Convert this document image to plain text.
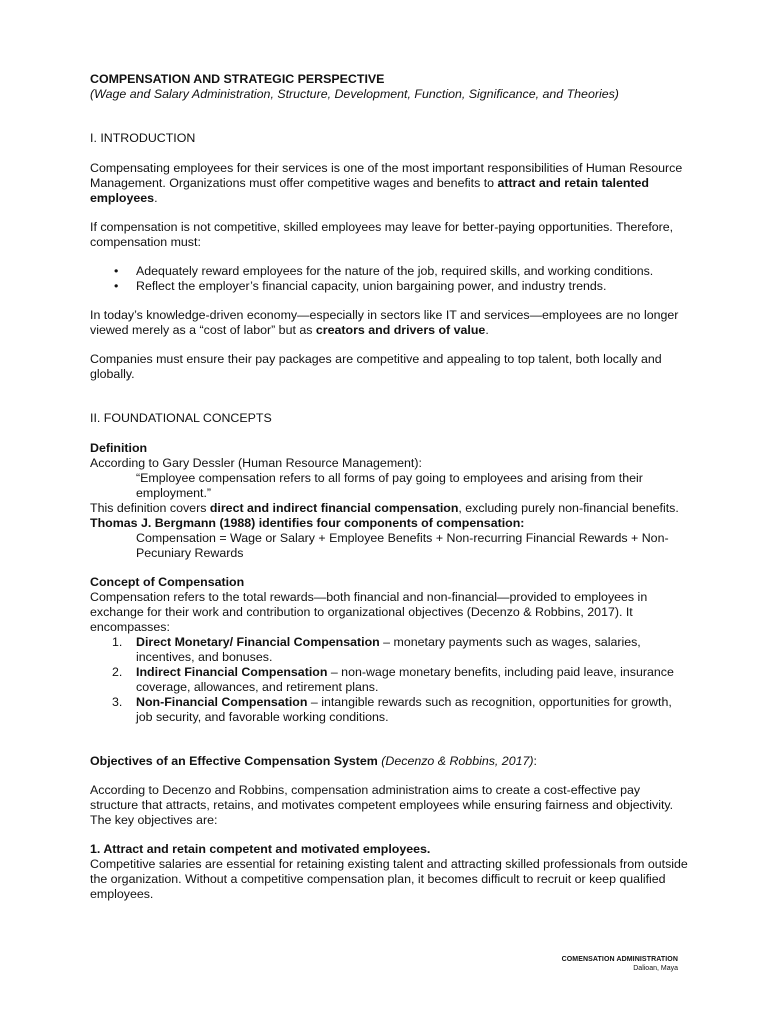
COMPENSATION AND STRATEGIC PERSPECTIVE

(Wage and Salary Administration, Structure, Development, Function, Significance, and Theories)

I. INTRODUCTION

Compensating employees for their services is one of the most important responsibilities of Human Resource Management. Organizations must offer competitive wages and benefits to attract and retain talented employees.

If compensation is not competitive, skilled employees may leave for better-paying opportunities. Therefore, compensation must:

• Adequately reward employees for the nature of the job, required skills, and working conditions.
• Reflect the employer’s financial capacity, union bargaining power, and industry trends.

In today’s knowledge-driven economy—especially in sectors like IT and services—employees are no longer viewed merely as a “cost of labor” but as creators and drivers of value.

Companies must ensure their pay packages are competitive and appealing to top talent, both locally and globally.

II. FOUNDATIONAL CONCEPTS

Definition

According to Gary Dessler (Human Resource Management):

“Employee compensation refers to all forms of pay going to employees and arising from their employment.”

This definition covers direct and indirect financial compensation, excluding purely non-financial benefits.

Thomas J. Bergmann (1988) identifies four components of compensation:

Compensation = Wage or Salary + Employee Benefits + Non-recurring Financial Rewards + Non-Pecuniary Rewards

Concept of Compensation

Compensation refers to the total rewards—both financial and non-financial—provided to employees in exchange for their work and contribution to organizational objectives (Decenzo & Robbins, 2017). It encompasses:

1. Direct Monetary/ Financial Compensation – monetary payments such as wages, salaries, incentives, and bonuses.
2. Indirect Financial Compensation – non-wage monetary benefits, including paid leave, insurance coverage, allowances, and retirement plans.
3. Non-Financial Compensation – intangible rewards such as recognition, opportunities for growth, job security, and favorable working conditions.

Objectives of an Effective Compensation System (Decenzo & Robbins, 2017):

According to Decenzo and Robbins, compensation administration aims to create a cost-effective pay structure that attracts, retains, and motivates competent employees while ensuring fairness and objectivity. The key objectives are:

1. Attract and retain competent and motivated employees.

Competitive salaries are essential for retaining existing talent and attracting skilled professionals from outside the organization. Without a competitive compensation plan, it becomes difficult to recruit or keep qualified employees.

COMENSATION ADMINISTRATION
Dalioan, Maya
